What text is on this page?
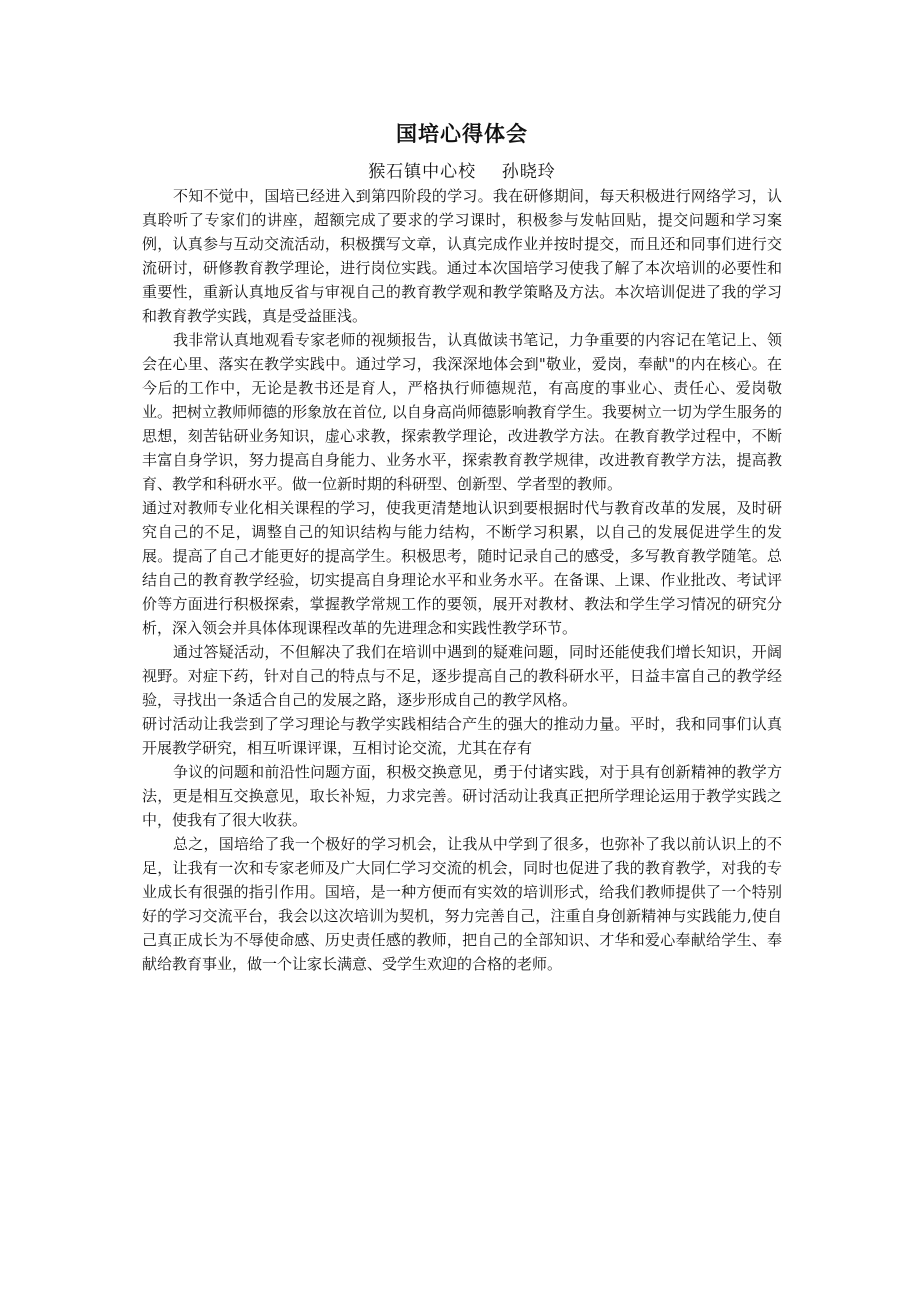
国培心得体会

猴石镇中心校    孙晓玲

不知不觉中，国培已经进入到第四阶段的学习。我在研修期间，每天积极进行网络学习，认真聆听了专家们的讲座，超额完成了要求的学习课时，积极参与发帖回贴，提交问题和学习案例，认真参与互动交流活动，积极撰写文章，认真完成作业并按时提交，而且还和同事们进行交流研讨，研修教育教学理论，进行岗位实践。通过本次国培学习使我了解了本次培训的必要性和重要性，重新认真地反省与审视自己的教育教学观和教学策略及方法。本次培训促进了我的学习和教育教学实践，真是受益匪浅。

我非常认真地观看专家老师的视频报告，认真做读书笔记，力争重要的内容记在笔记上、领会在心里、落实在教学实践中。通过学习，我深深地体会到"敬业，爱岗，奉献"的内在核心。在今后的工作中，无论是教书还是育人，严格执行师德规范，有高度的事业心、责任心、爱岗敬业。把树立教师师德的形象放在首位, 以自身高尚师德影响教育学生。我要树立一切为学生服务的思想，刻苦钻研业务知识，虚心求教，探索教学理论，改进教学方法。在教育教学过程中，不断丰富自身学识，努力提高自身能力、业务水平，探索教育教学规律，改进教育教学方法，提高教育、教学和科研水平。做一位新时期的科研型、创新型、学者型的教师。

通过对教师专业化相关课程的学习，使我更清楚地认识到要根据时代与教育改革的发展，及时研究自己的不足，调整自己的知识结构与能力结构，不断学习积累，以自己的发展促进学生的发展。提高了自己才能更好的提高学生。积极思考，随时记录自己的感受，多写教育教学随笔。总结自己的教育教学经验，切实提高自身理论水平和业务水平。在备课、上课、作业批改、考试评价等方面进行积极探索，掌握教学常规工作的要领，展开对教材、教法和学生学习情况的研究分析，深入领会并具体体现课程改革的先进理念和实践性教学环节。

通过答疑活动，不但解决了我们在培训中遇到的疑难问题，同时还能使我们增长知识，开阔视野。对症下药，针对自己的特点与不足，逐步提高自己的教科研水平，日益丰富自己的教学经验，寻找出一条适合自己的发展之路，逐步形成自己的教学风格。

研讨活动让我尝到了学习理论与教学实践相结合产生的强大的推动力量。平时，我和同事们认真开展教学研究，相互听课评课，互相讨论交流，尤其在存有

争议的问题和前沿性问题方面，积极交换意见，勇于付诸实践，对于具有创新精神的教学方法，更是相互交换意见，取长补短，力求完善。研讨活动让我真正把所学理论运用于教学实践之中，使我有了很大收获。

总之，国培给了我一个极好的学习机会，让我从中学到了很多，也弥补了我以前认识上的不足，让我有一次和专家老师及广大同仁学习交流的机会，同时也促进了我的教育教学，对我的专业成长有很强的指引作用。国培，是一种方便而有实效的培训形式，给我们教师提供了一个特别好的学习交流平台，我会以这次培训为契机，努力完善自己，注重自身创新精神与实践能力,使自己真正成长为不辱使命感、历史责任感的教师，把自己的全部知识、才华和爱心奉献给学生、奉献给教育事业，做一个让家长满意、受学生欢迎的合格的老师。
